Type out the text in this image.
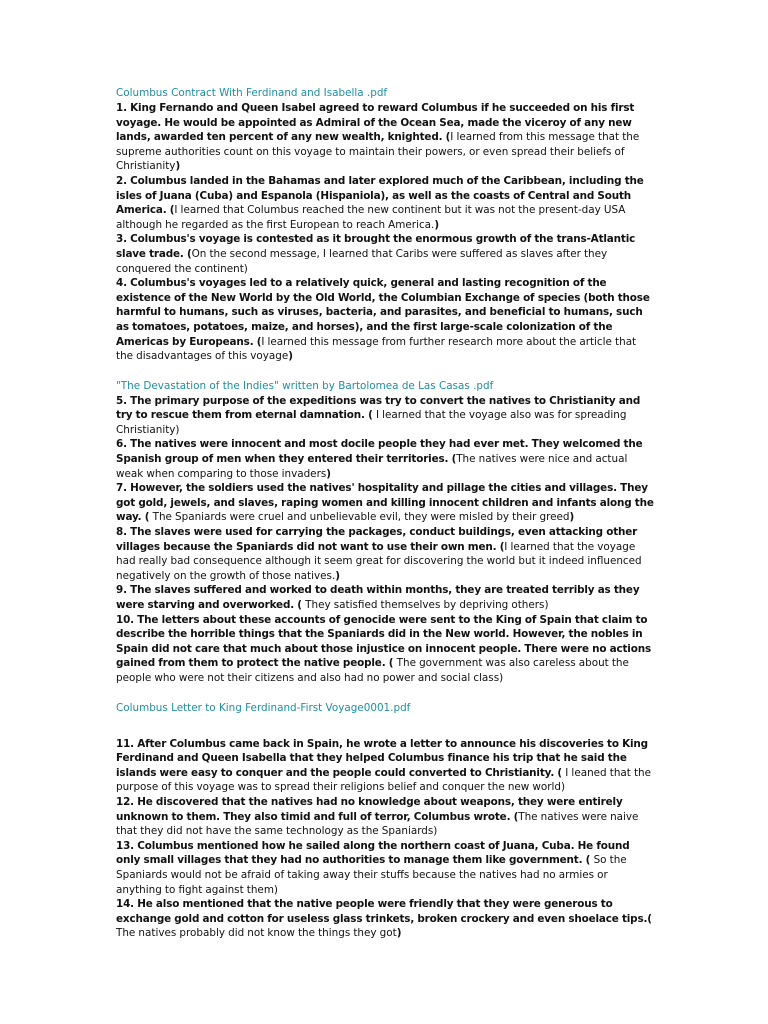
Columbus Contract With Ferdinand and Isabella .pdf

1. King Fernando and Queen Isabel agreed to reward Columbus if he succeeded on his first voyage. He would be appointed as Admiral of the Ocean Sea, made the viceroy of any new lands, awarded ten percent of any new wealth, knighted. (I learned from this message that the supreme authorities count on this voyage to maintain their powers, or even spread their beliefs of Christianity)

2. Columbus landed in the Bahamas and later explored much of the Caribbean, including the isles of Juana (Cuba) and Espanola (Hispaniola), as well as the coasts of Central and South America. (I learned that Columbus reached the new continent but it was not the present-day USA although he regarded as the first European to reach America.)

3. Columbus's voyage is contested as it brought the enormous growth of the trans-Atlantic slave trade. (On the second message, I learned that Caribs were suffered as slaves after they conquered the continent)

4. Columbus's voyages led to a relatively quick, general and lasting recognition of the existence of the New World by the Old World, the Columbian Exchange of species (both those harmful to humans, such as viruses, bacteria, and parasites, and beneficial to humans, such as tomatoes, potatoes, maize, and horses), and the first large-scale colonization of the Americas by Europeans. (I learned this message from further research more about the article that the disadvantages of this voyage)

"The Devastation of the Indies" written by Bartolomea de Las Casas .pdf

5. The primary purpose of the expeditions was try to convert the natives to Christianity and try to rescue them from eternal damnation. ( I learned that the voyage also was for spreading Christianity)

6. The natives were innocent and most docile people they had ever met. They welcomed the Spanish group of men when they entered their territories. (The natives were nice and actual weak when comparing to those invaders)

7. However, the soldiers used the natives' hospitality and pillage the cities and villages. They got gold, jewels, and slaves, raping women and killing innocent children and infants along the way. ( The Spaniards were cruel and unbelievable evil, they were misled by their greed)

8. The slaves were used for carrying the packages, conduct buildings, even attacking other villages because the Spaniards did not want to use their own men. (I learned that the voyage had really bad consequence although it seem great for discovering the world but it indeed influenced negatively on the growth of those natives.)

9. The slaves suffered and worked to death within months, they are treated terribly as they were starving and overworked. ( They satisfied themselves by depriving others)

10. The letters about these accounts of genocide were sent to the King of Spain that claim to describe the horrible things that the Spaniards did in the New world. However, the nobles in Spain did not care that much about those injustice on innocent people. There were no actions gained from them to protect the native people. ( The government was also careless about the people who were not their citizens and also had no power and social class)

Columbus Letter to King Ferdinand-First Voyage0001.pdf

11. After Columbus came back in Spain, he wrote a letter to announce his discoveries to King Ferdinand and Queen Isabella that they helped Columbus finance his trip that he said the islands were easy to conquer and the people could converted to Christianity. ( I leaned that the purpose of this voyage was to spread their religions belief and conquer the new world)

12. He discovered that the natives had no knowledge about weapons, they were entirely unknown to them. They also timid and full of terror, Columbus wrote. (The natives were naive that they did not have the same technology as the Spaniards)

13. Columbus mentioned how he sailed along the northern coast of Juana, Cuba. He found only small villages that they had no authorities to manage them like government. ( So the Spaniards would not be afraid of taking away their stuffs because the natives had no armies or anything to fight against them)

14. He also mentioned that the native people were friendly that they were generous to exchange gold and cotton for useless glass trinkets, broken crockery and even shoelace tips.( The natives probably did not know the things they got)
